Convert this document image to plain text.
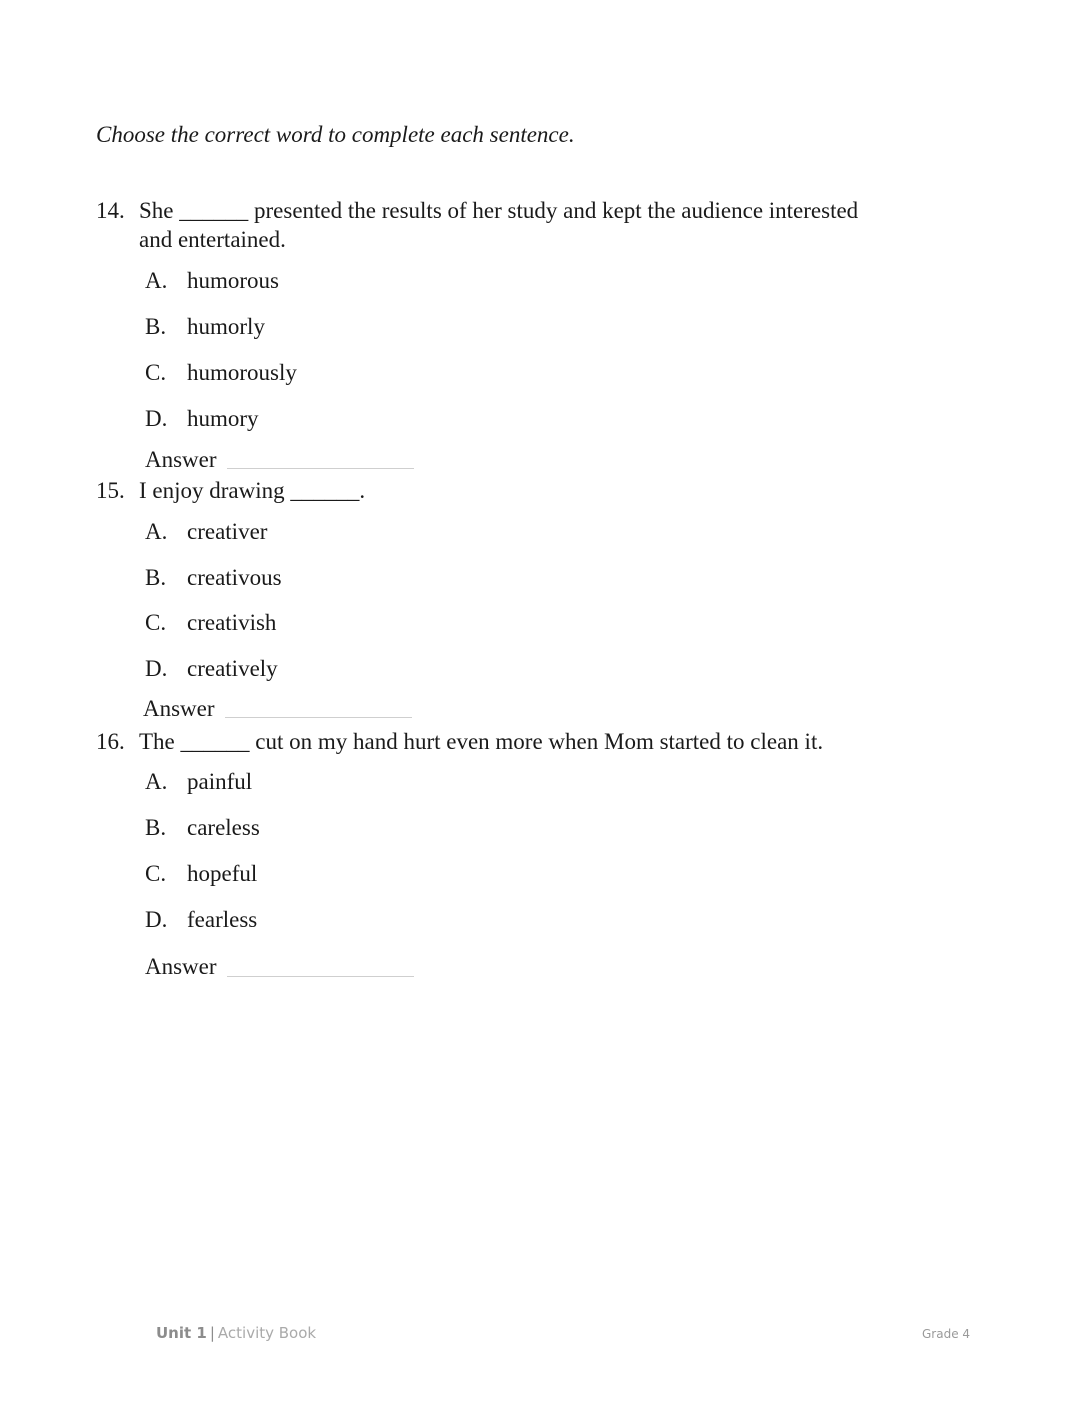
Choose the correct word to complete each sentence.
14. She ______ presented the results of her study and kept the audience interested
and entertained.
A. humorous
B. humorly
C. humorously
D. humory
Answer
15. I enjoy drawing ______.
A. creativer
B. creativous
C. creativish
D. creatively
Answer
16. The ______ cut on my hand hurt even more when Mom started to clean it.
A. painful
B. careless
C. hopeful
D. fearless
Answer
Unit 1 | Activity Book	Grade 4
